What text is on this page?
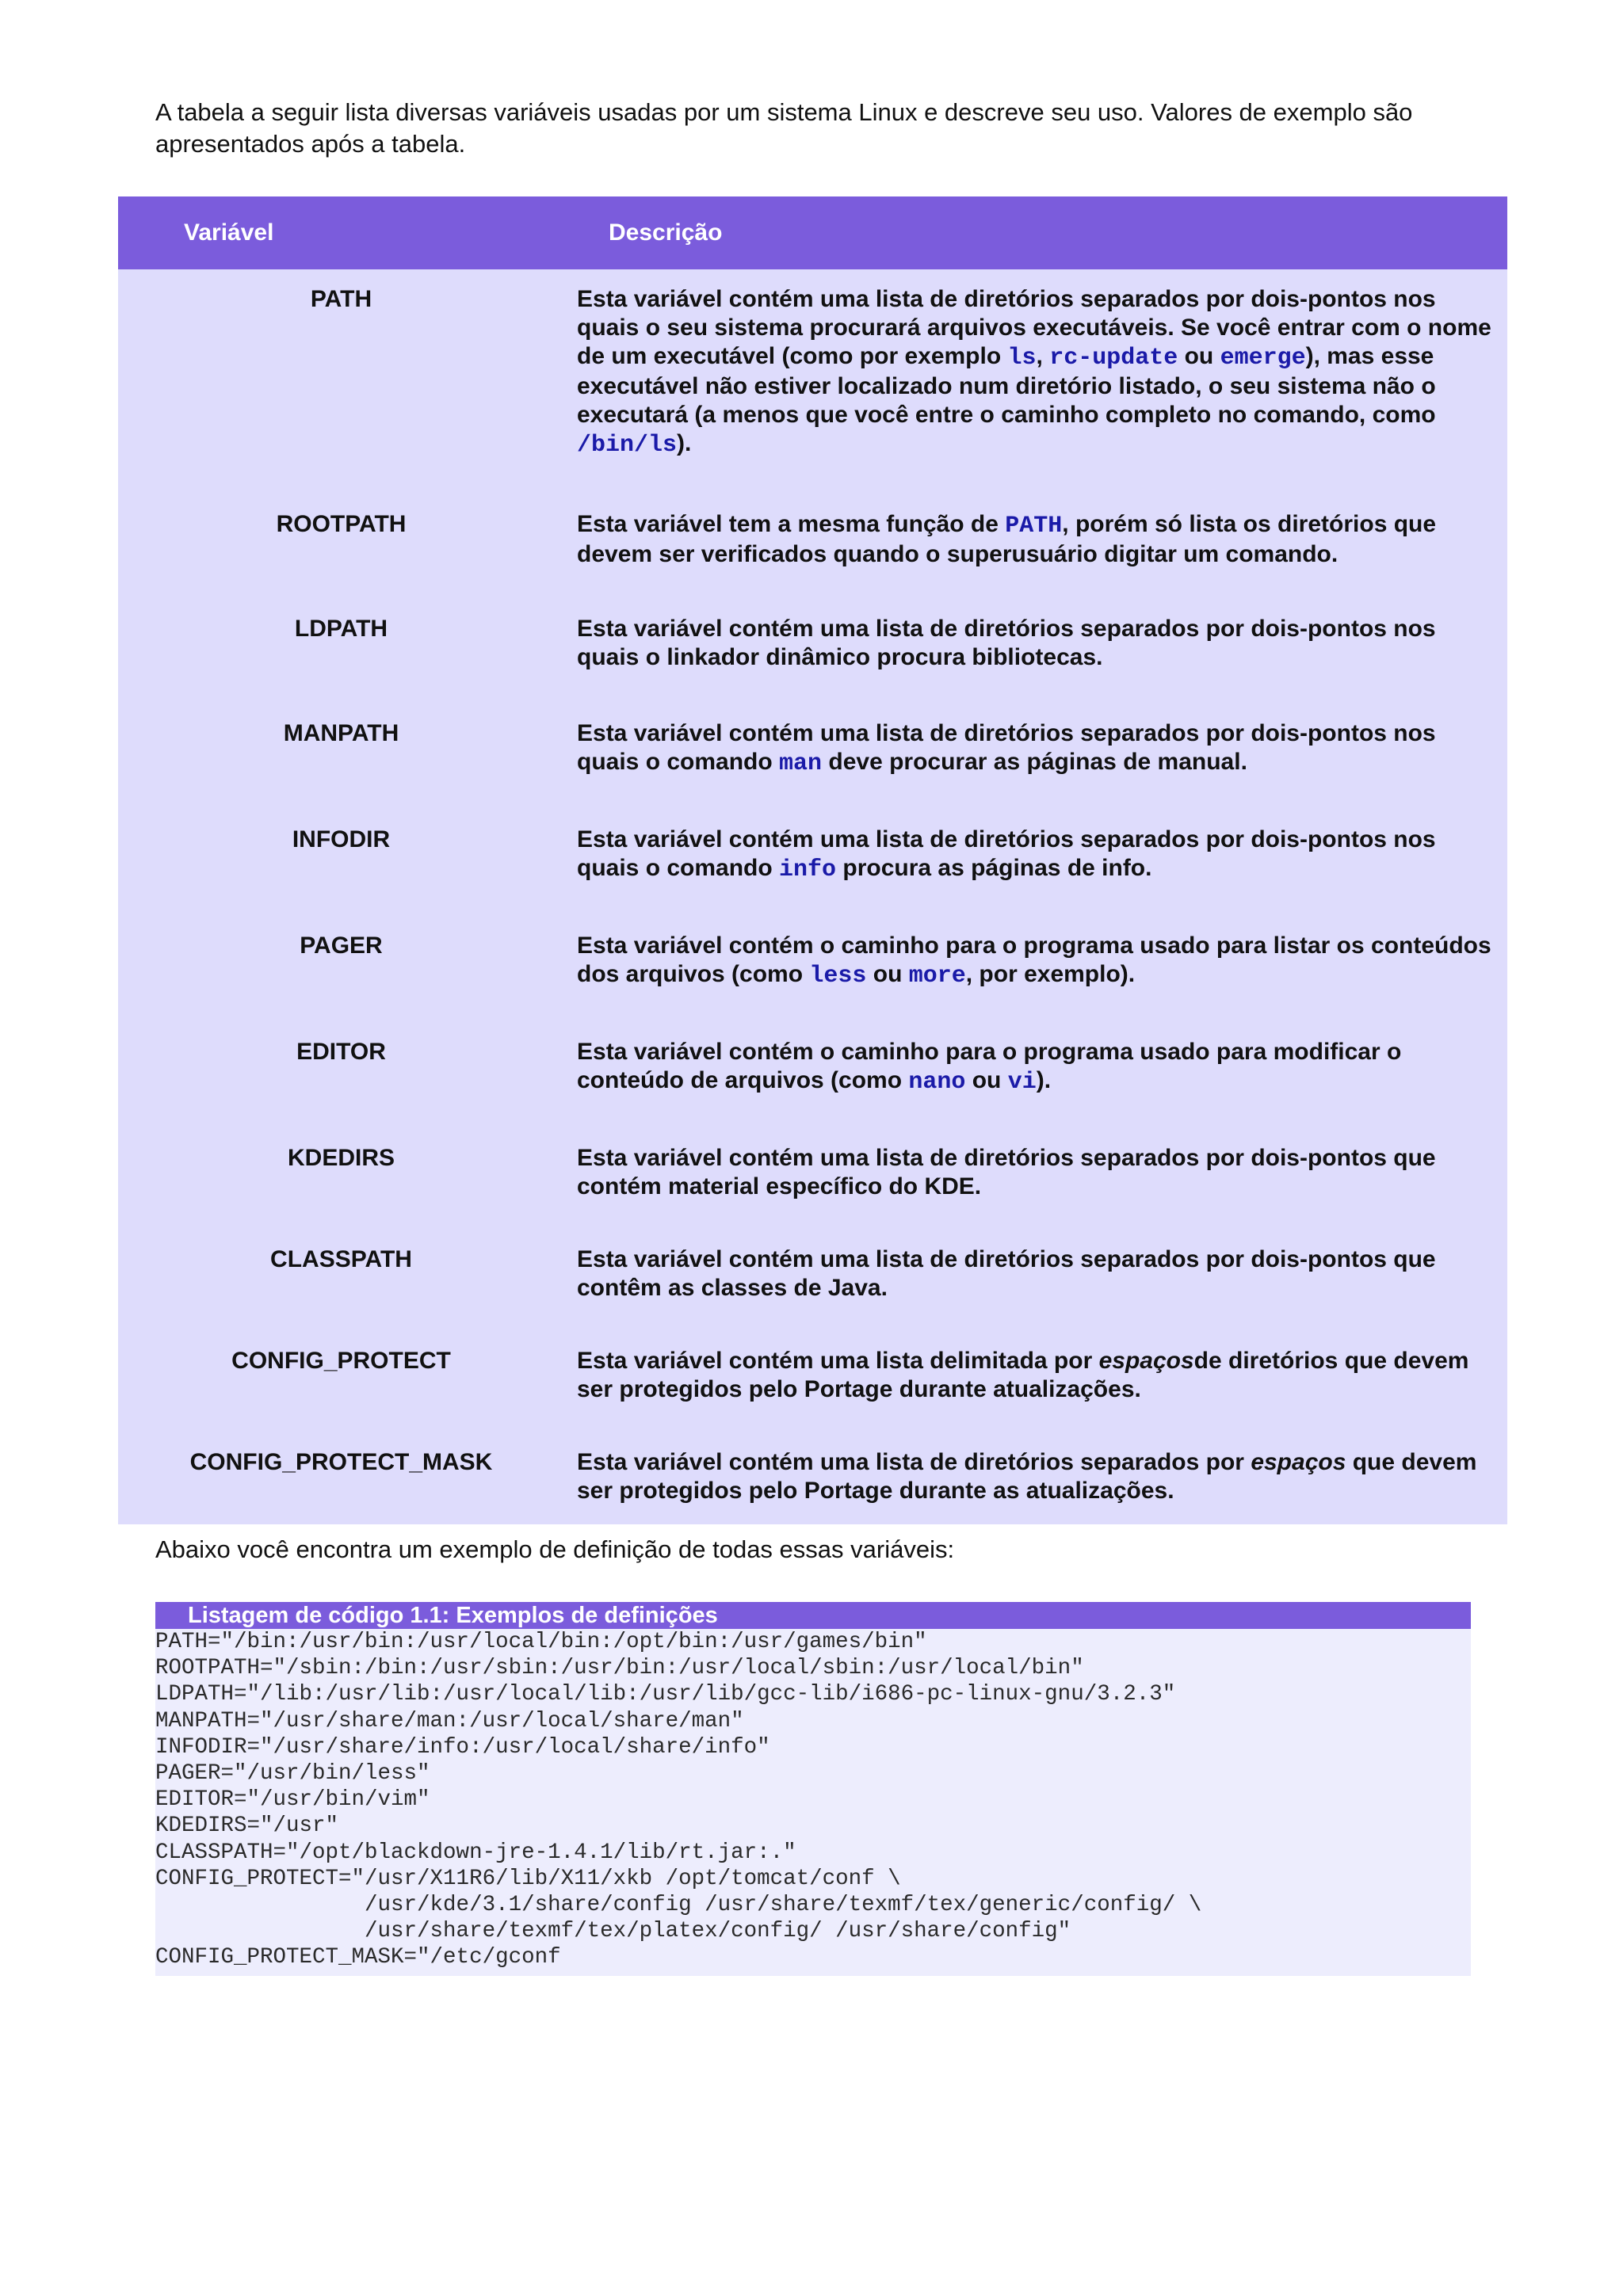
A tabela a seguir lista diversas variáveis usadas por um sistema Linux e descreve seu uso. Valores de exemplo são apresentados após a tabela.

Variável	Descrição
PATH	Esta variável contém uma lista de diretórios separados por dois-pontos nos quais o seu sistema procurará arquivos executáveis. Se você entrar com o nome de um executável (como por exemplo ls, rc-update ou emerge), mas esse executável não estiver localizado num diretório listado, o seu sistema não o executará (a menos que você entre o caminho completo no comando, como /bin/ls).
ROOTPATH	Esta variável tem a mesma função de PATH, porém só lista os diretórios que devem ser verificados quando o superusuário digitar um comando.
LDPATH	Esta variável contém uma lista de diretórios separados por dois-pontos nos quais o linkador dinâmico procura bibliotecas.
MANPATH	Esta variável contém uma lista de diretórios separados por dois-pontos nos quais o comando man deve procurar as páginas de manual.
INFODIR	Esta variável contém uma lista de diretórios separados por dois-pontos nos quais o comando info procura as páginas de info.
PAGER	Esta variável contém o caminho para o programa usado para listar os conteúdos dos arquivos (como less ou more, por exemplo).
EDITOR	Esta variável contém o caminho para o programa usado para modificar o conteúdo de arquivos (como nano ou vi).
KDEDIRS	Esta variável contém uma lista de diretórios separados por dois-pontos que contém material específico do KDE.
CLASSPATH	Esta variável contém uma lista de diretórios separados por dois-pontos que contêm as classes de Java.
CONFIG_PROTECT	Esta variável contém uma lista delimitada por espaçosde diretórios que devem ser protegidos pelo Portage durante atualizações.
CONFIG_PROTECT_MASK	Esta variável contém uma lista de diretórios separados por espaços que devem ser protegidos pelo Portage durante as atualizações.

Abaixo você encontra um exemplo de definição de todas essas variáveis:

Listagem de código 1.1: Exemplos de definições
PATH="/bin:/usr/bin:/usr/local/bin:/opt/bin:/usr/games/bin"
ROOTPATH="/sbin:/bin:/usr/sbin:/usr/bin:/usr/local/sbin:/usr/local/bin"
LDPATH="/lib:/usr/lib:/usr/local/lib:/usr/lib/gcc-lib/i686-pc-linux-gnu/3.2.3"
MANPATH="/usr/share/man:/usr/local/share/man"
INFODIR="/usr/share/info:/usr/local/share/info"
PAGER="/usr/bin/less"
EDITOR="/usr/bin/vim"
KDEDIRS="/usr"
CLASSPATH="/opt/blackdown-jre-1.4.1/lib/rt.jar:."
CONFIG_PROTECT="/usr/X11R6/lib/X11/xkb /opt/tomcat/conf \
/usr/kde/3.1/share/config /usr/share/texmf/tex/generic/config/ \
/usr/share/texmf/tex/platex/config/ /usr/share/config"
CONFIG_PROTECT_MASK="/etc/gconf
